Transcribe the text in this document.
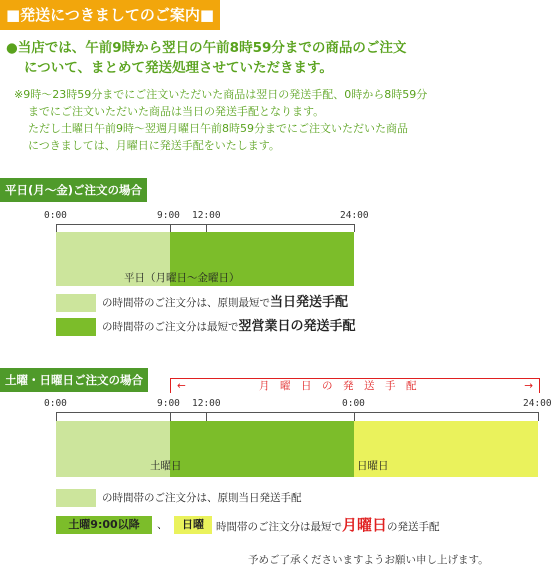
■発送につきましてのご案内■
●当店では、午前9時から翌日の午前8時59分までの商品のご注文
について、まとめて発送処理させていただきます。
※9時～23時59分までにご注文いただいた商品は翌日の発送手配、0時から8時59分
までにご注文いただいた商品は当日の発送手配となります。
ただし土曜日午前9時～翌週月曜日午前8時59分までにご注文いただいた商品
につきましては、月曜日に発送手配をいたします。
平日(月～金)ご注文の場合
0:00	9:00 12:00	24:00
平日（月曜日～金曜日）
の時間帯のご注文分は、原則最短で当日発送手配
の時間帯のご注文分は最短で翌営業日の発送手配
土曜・日曜日ご注文の場合	←	月　曜　日　の　発　送　手　配	→
0:00	9:00 12:00	0:00	24:00
土曜日	日曜日
の時間帯のご注文分は、原則当日発送手配
土曜9:00以降	、	日曜	時間帯のご注文分は最短で月曜日の発送手配
予めご了承くださいますようお願い申し上げます。
